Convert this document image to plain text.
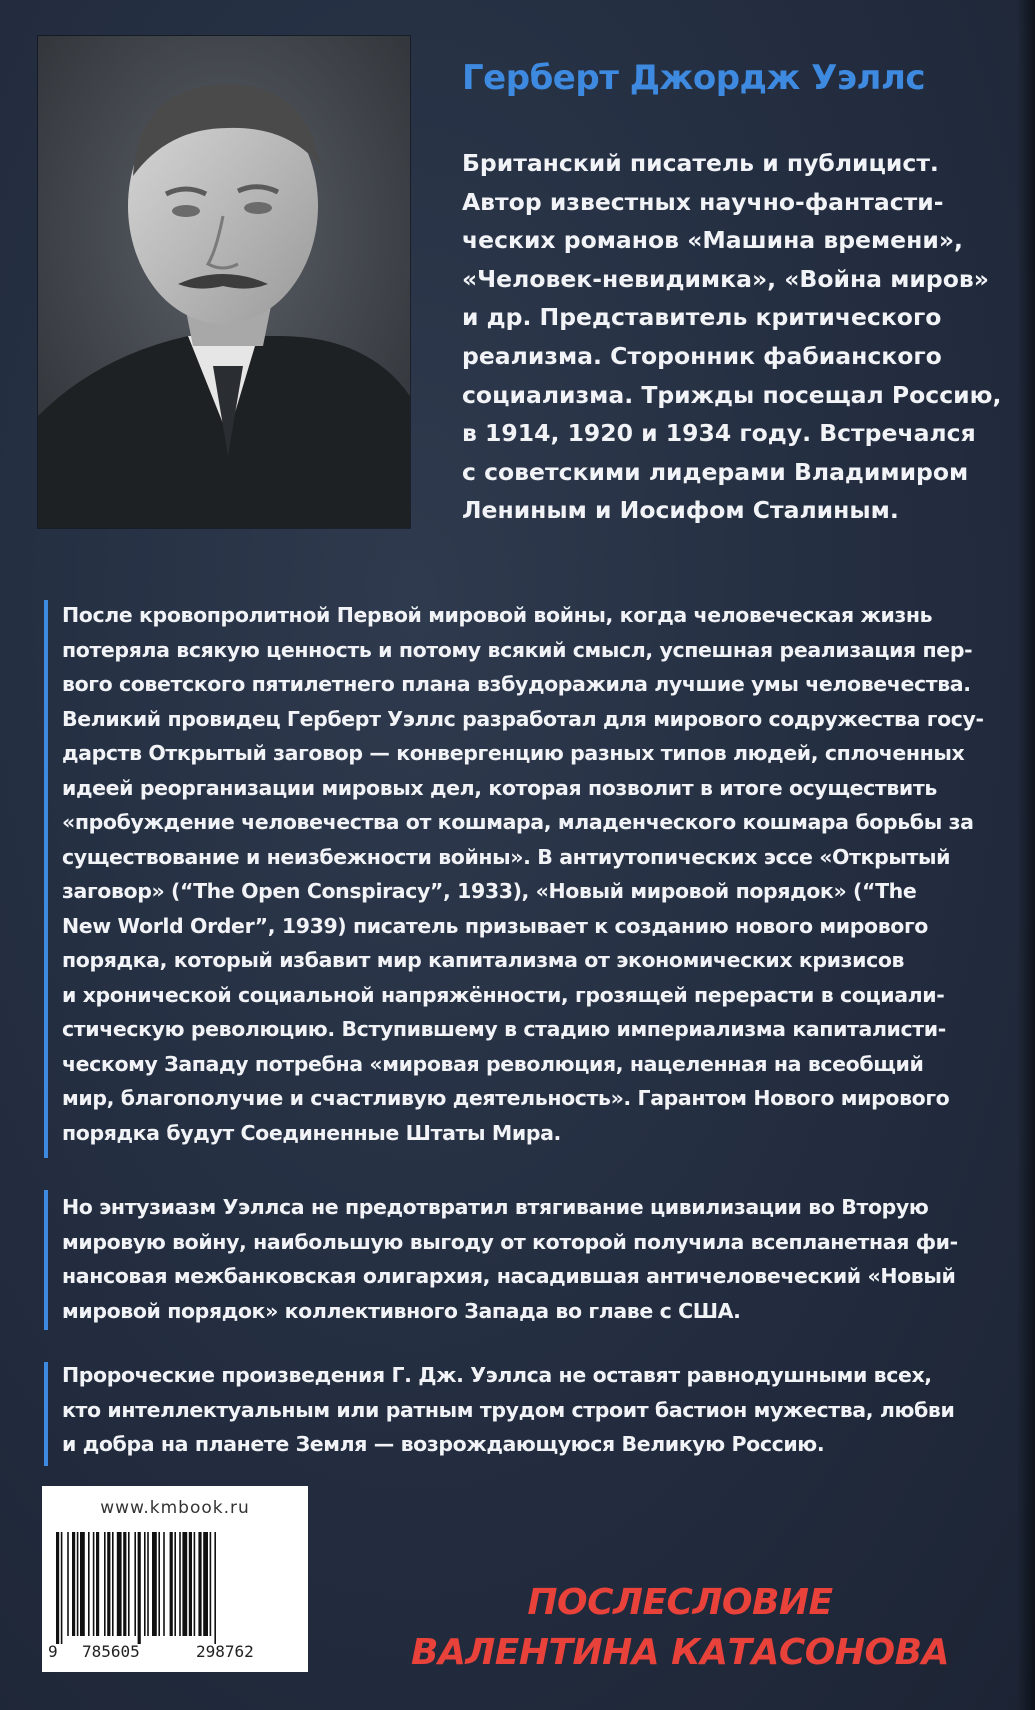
Герберт Джордж Уэллс
Британский писатель и публицист.
Автор известных научно-фантасти-
ческих романов «Машина времени»,
«Человек-невидимка», «Война миров»
и др. Представитель критического
реализма. Сторонник фабианского
социализма. Трижды посещал Россию,
в 1914, 1920 и 1934 году. Встречался
с советскими лидерами Владимиром
Лениным и Иосифом Сталиным.
После кровопролитной Первой мировой войны, когда человеческая жизнь
потеряла всякую ценность и потому всякий смысл, успешная реализация пер-
вого советского пятилетнего плана взбудоражила лучшие умы человечества.
Великий провидец Герберт Уэллс разработал для мирового содружества госу-
дарств Открытый заговор — конвергенцию разных типов людей, сплоченных
идеей реорганизации мировых дел, которая позволит в итоге осуществить
«пробуждение человечества от кошмара, младенческого кошмара борьбы за
существование и неизбежности войны». В антиутопических эссе «Открытый
заговор» (“The Open Conspiracy”, 1933), «Новый мировой порядок» (“The
New World Order”, 1939) писатель призывает к созданию нового мирового
порядка, который избавит мир капитализма от экономических кризисов
и хронической социальной напряжённости, грозящей перерасти в социали-
стическую революцию. Вступившему в стадию империализма капиталисти-
ческому Западу потребна «мировая революция, нацеленная на всеобщий
мир, благополучие и счастливую деятельность». Гарантом Нового мирового
порядка будут Соединенные Штаты Мира.
Но энтузиазм Уэллса не предотвратил втягивание цивилизации во Вторую
мировую войну, наибольшую выгоду от которой получила всепланетная фи-
нансовая межбанковская олигархия, насадившая античеловеческий «Новый
мировой порядок» коллективного Запада во главе с США.
Пророческие произведения Г. Дж. Уэллса не оставят равнодушными всех,
кто интеллектуальным или ратным трудом строит бастион мужества, любви
и добра на планете Земля — возрождающуюся Великую Россию.
www.kmbook.ru
9 785605	298762
ПОСЛЕСЛОВИЕ
ВАЛЕНТИНА КАТАСОНОВА
